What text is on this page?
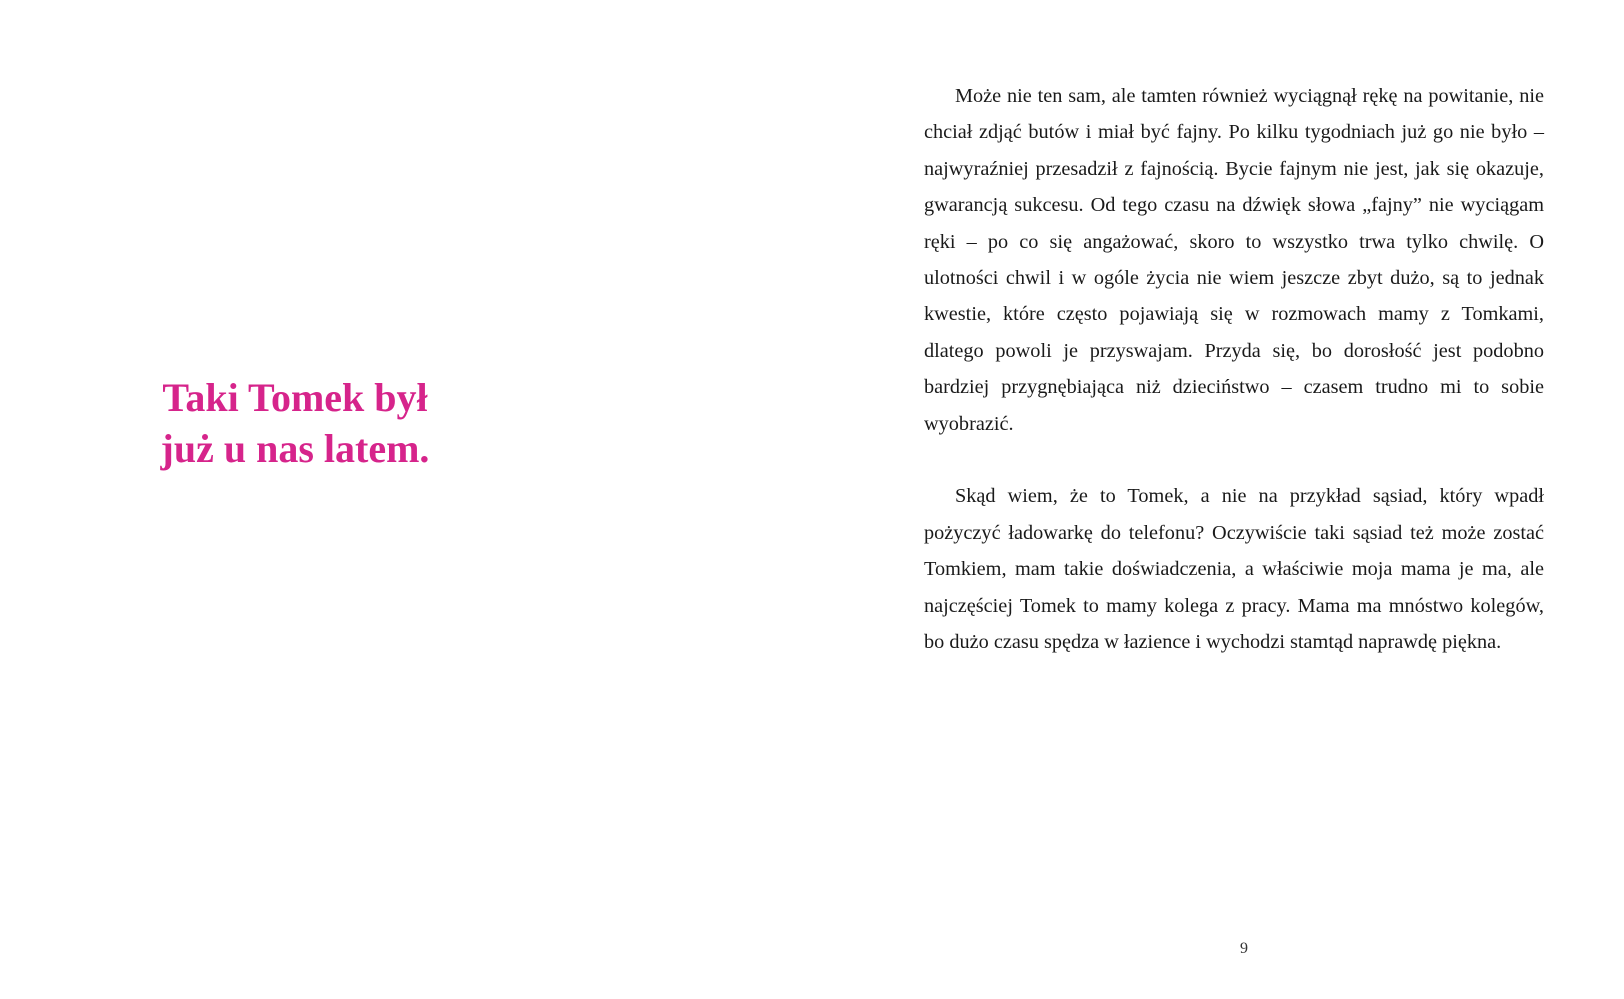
Taki Tomek był
już u nas latem.

Może nie ten sam, ale tamten również wyciągnął rękę na powitanie, nie chciał zdjąć butów i miał być fajny. Po kilku tygodniach już go nie było – najwyraźniej przesadził z fajnością. Bycie fajnym nie jest, jak się okazuje, gwarancją sukcesu. Od tego czasu na dźwięk słowa „fajny” nie wyciągam ręki – po co się angażować, skoro to wszystko trwa tylko chwilę. O ulotności chwil i w ogóle życia nie wiem jeszcze zbyt dużo, są to jednak kwestie, które często pojawiają się w rozmowach mamy z Tomkami, dlatego powoli je przyswajam. Przyda się, bo dorosłość jest podobno bardziej przygnębiająca niż dzieciństwo – czasem trudno mi to sobie wyobrazić.

Skąd wiem, że to Tomek, a nie na przykład sąsiad, który wpadł pożyczyć ładowarkę do telefonu? Oczywiście taki sąsiad też może zostać Tomkiem, mam takie doświadczenia, a właściwie moja mama je ma, ale najczęściej Tomek to mamy kolega z pracy. Mama ma mnóstwo kolegów, bo dużo czasu spędza w łazience i wychodzi stamtąd naprawdę piękna.

9
